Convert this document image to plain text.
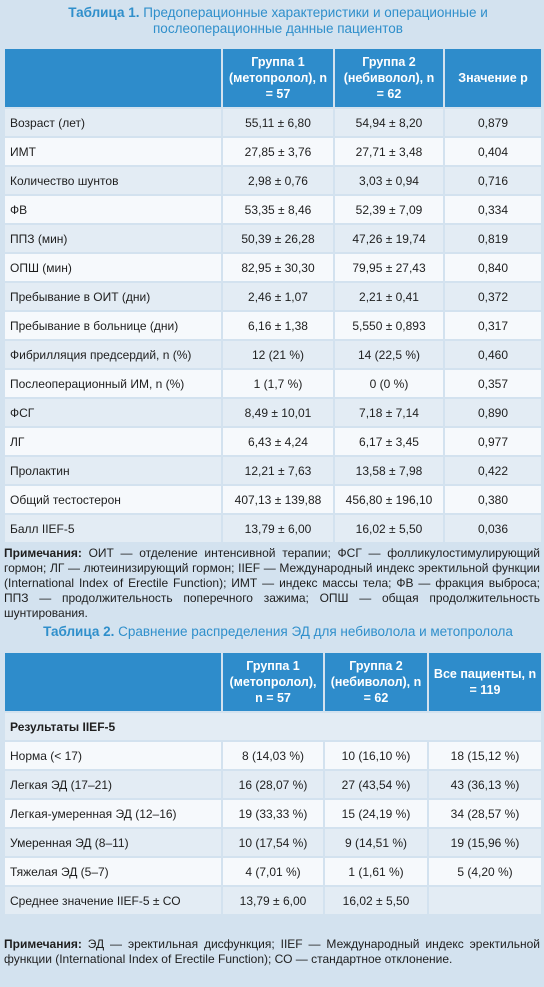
Таблица 1. Предоперационные характеристики и операционные и послеоперационные данные пациентов
	Группа 1 (метопролол), n = 57	Группа 2 (небиволол), n = 62	Значение p
Возраст (лет)	55,11 ± 6,80	54,94 ± 8,20	0,879
ИМТ	27,85 ± 3,76	27,71 ± 3,48	0,404
Количество шунтов	2,98 ± 0,76	3,03 ± 0,94	0,716
ФВ	53,35 ± 8,46	52,39 ± 7,09	0,334
ППЗ (мин)	50,39 ± 26,28	47,26 ± 19,74	0,819
ОПШ (мин)	82,95 ± 30,30	79,95 ± 27,43	0,840
Пребывание в ОИТ (дни)	2,46 ± 1,07	2,21 ± 0,41	0,372
Пребывание в больнице (дни)	6,16 ± 1,38	5,550 ± 0,893	0,317
Фибрилляция предсердий, n (%)	12 (21 %)	14 (22,5 %)	0,460
Послеоперационный ИМ, n (%)	1 (1,7 %)	0 (0 %)	0,357
ФСГ	8,49 ± 10,01	7,18 ± 7,14	0,890
ЛГ	6,43 ± 4,24	6,17 ± 3,45	0,977
Пролактин	12,21 ± 7,63	13,58 ± 7,98	0,422
Общий тестостерон	407,13 ± 139,88	456,80 ± 196,10	0,380
Балл IIEF-5	13,79 ± 6,00	16,02 ± 5,50	0,036
Примечания: ОИТ — отделение интенсивной терапии; ФСГ — фолликулостимулирующий гормон; ЛГ — лютеинизирующий гормон; IIEF — Международный индекс эректильной функции (International Index of Erectile Function); ИМТ — индекс массы тела; ФВ — фракция выброса; ППЗ — продолжительность поперечного зажима; ОПШ — общая продолжительность шунтирования.
Таблица 2. Сравнение распределения ЭД для небиволола и метопролола
	Группа 1 (метопролол), n = 57	Группа 2 (небиволол), n = 62	Все пациенты, n = 119
Результаты IIEF-5			
Норма (< 17)	8 (14,03 %)	10 (16,10 %)	18 (15,12 %)
Легкая ЭД (17–21)	16 (28,07 %)	27 (43,54 %)	43 (36,13 %)
Легкая-умеренная ЭД (12–16)	19 (33,33 %)	15 (24,19 %)	34 (28,57 %)
Умеренная ЭД (8–11)	10 (17,54 %)	9 (14,51 %)	19 (15,96 %)
Тяжелая ЭД (5–7)	4 (7,01 %)	1 (1,61 %)	5 (4,20 %)
Среднее значение IIEF-5 ± СО	13,79 ± 6,00	16,02 ± 5,50	
Примечания: ЭД — эректильная дисфункция; IIEF — Международный индекс эректильной функции (International Index of Erectile Function); СО — стандартное отклонение.
